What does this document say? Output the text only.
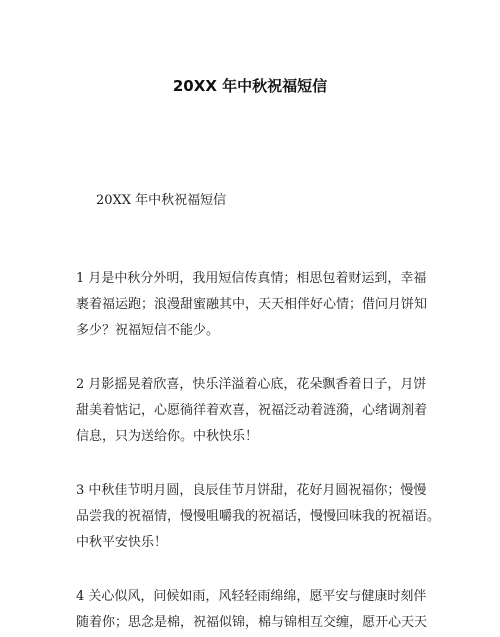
20XX 年中秋祝福短信
20XX 年中秋祝福短信
1 月是中秋分外明，我用短信传真情；相思包着财运到，幸福
裹着福运跑；浪漫甜蜜融其中，天天相伴好心情；借问月饼知
多少？祝福短信不能少。
2 月影摇晃着欣喜，快乐洋溢着心底，花朵飘香着日子，月饼
甜美着惦记，心愿徜徉着欢喜，祝福泛动着涟漪，心绪调剂着
信息，只为送给你。中秋快乐！
3 中秋佳节明月圆，良辰佳节月饼甜，花好月圆祝福你；慢慢
品尝我的祝福情，慢慢咀嚼我的祝福话，慢慢回味我的祝福语。
中秋平安快乐！
4 关心似风，问候如雨，风轻轻雨绵绵，愿平安与健康时刻伴
随着你；思念是棉，祝福似锦，棉与锦相互交缠，愿开心天天
